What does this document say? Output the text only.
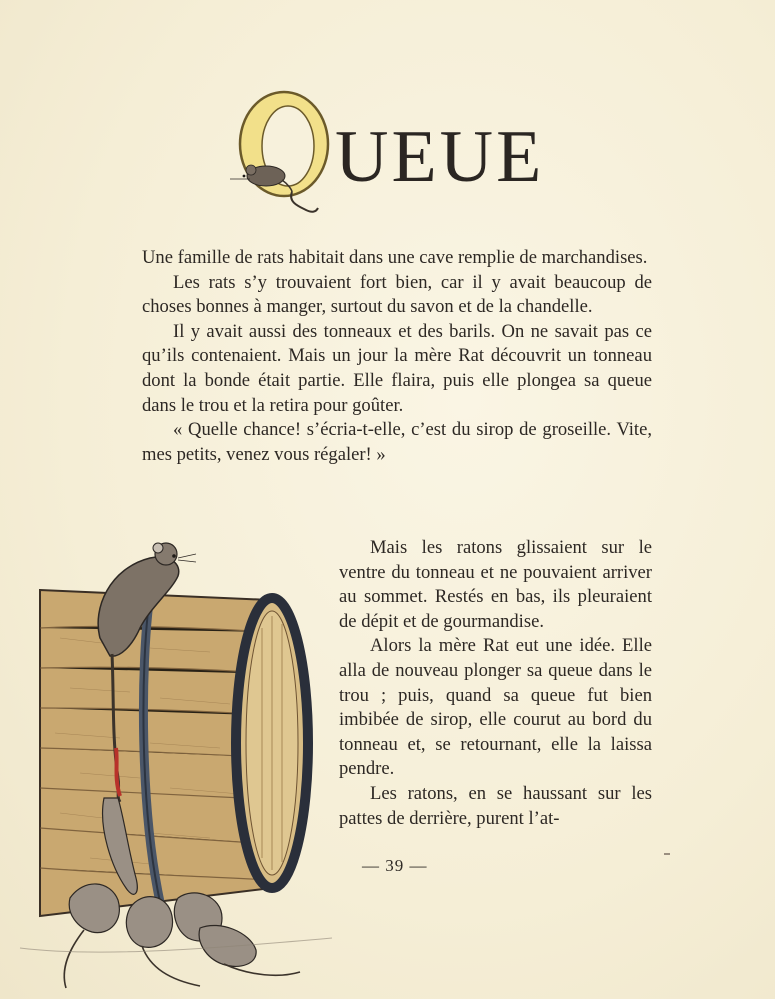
UEUE

Une famille de rats habitait dans une cave remplie de marchandises.

Les rats s’y trouvaient fort bien, car il y avait beaucoup de choses bonnes à manger, surtout du savon et de la chandelle.

Il y avait aussi des tonneaux et des barils. On ne savait pas ce qu’ils contenaient. Mais un jour la mère Rat découvrit un tonneau dont la bonde était partie. Elle flaira, puis elle plongea sa queue dans le trou et la retira pour goûter.

« Quelle chance! s’écria-t-elle, c’est du sirop de groseille. Vite, mes petits, venez vous régaler! »

Mais les ratons glissaient sur le ventre du tonneau et ne pouvaient arriver au sommet. Restés en bas, ils pleuraient de dépit et de gourmandise.

Alors la mère Rat eut une idée. Elle alla de nouveau plonger sa queue dans le trou ; puis, quand sa queue fut bien imbibée de sirop, elle courut au bord du tonneau et, se retournant, elle la laissa pendre.

Les ratons, en se haussant sur les pattes de derrière, purent l’at-

— 39 —
